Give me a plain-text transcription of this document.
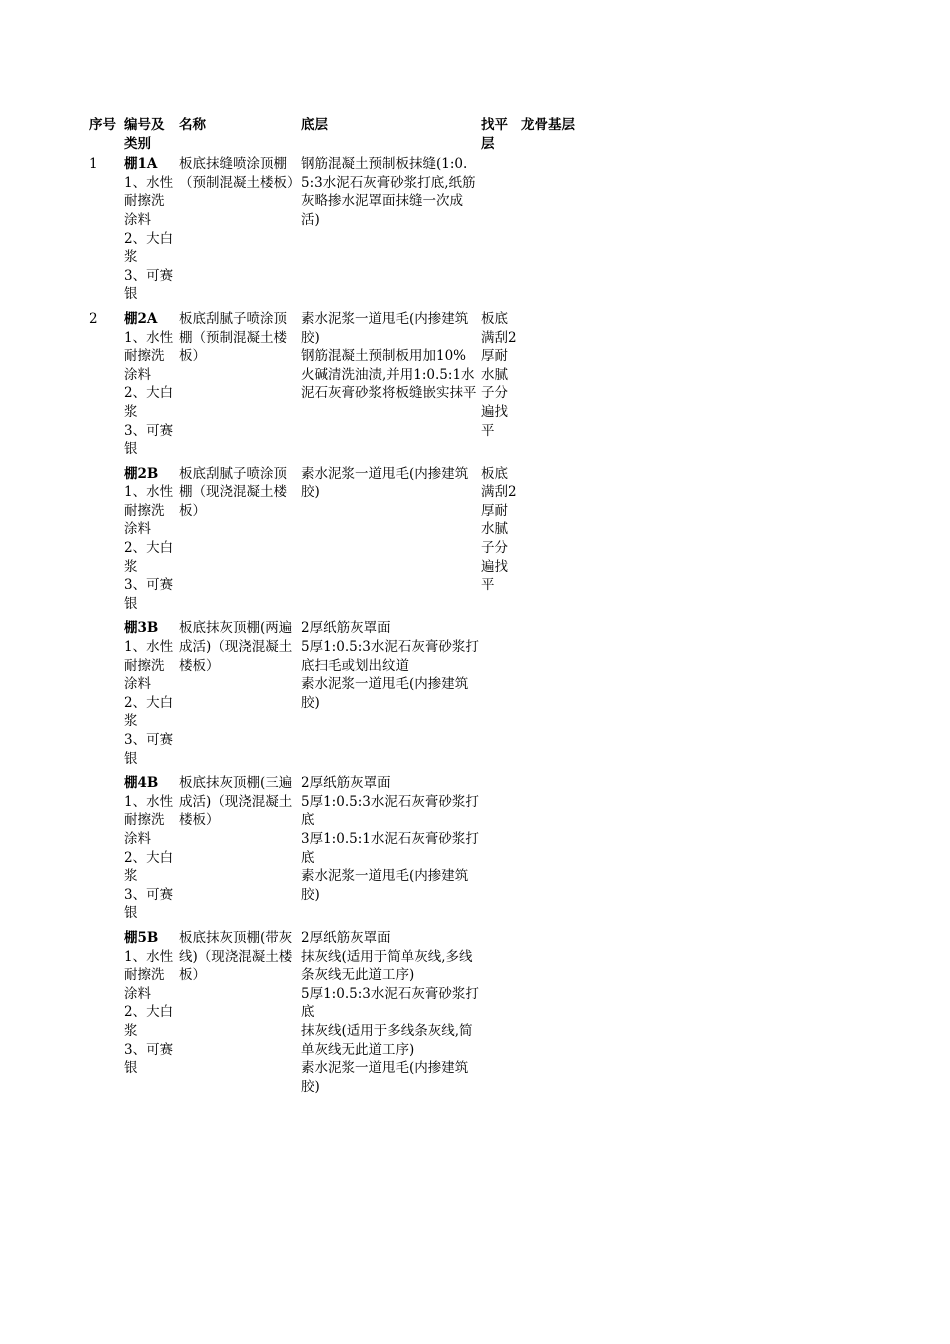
序号	编号及类别	名称	底层	找平层	龙骨基层
1	棚1A
1、水性耐擦洗涂料
2、大白浆
3、可赛银	板底抹缝喷涂顶棚（预制混凝土楼板）	钢筋混凝土预制板抹缝(1:0.5:3水泥石灰膏砂浆打底,纸筋灰略掺水泥罩面抹缝一次成活)		

2	棚2A
1、水性耐擦洗涂料
2、大白浆
3、可赛银	板底刮腻子喷涂顶棚（预制混凝土楼板）	素水泥浆一道甩毛(内掺建筑胶)
钢筋混凝土预制板用加10%火碱清洗油渍,并用1:0.5:1水泥石灰膏砂浆将板缝嵌实抹平	板底满刮2厚耐水腻子分遍找平	

	棚2B
1、水性耐擦洗涂料
2、大白浆
3、可赛银	板底刮腻子喷涂顶棚（现浇混凝土楼板）	素水泥浆一道甩毛(内掺建筑胶)	板底满刮2厚耐水腻子分遍找平	

	棚3B
1、水性耐擦洗涂料
2、大白浆
3、可赛银	板底抹灰顶棚(两遍成活)（现浇混凝土楼板）	2厚纸筋灰罩面
5厚1:0.5:3水泥石灰膏砂浆打底扫毛或划出纹道
素水泥浆一道甩毛(内掺建筑胶)		

	棚4B
1、水性耐擦洗涂料
2、大白浆
3、可赛银	板底抹灰顶棚(三遍成活)（现浇混凝土楼板）	2厚纸筋灰罩面
5厚1:0.5:3水泥石灰膏砂浆打底
3厚1:0.5:1水泥石灰膏砂浆打底
素水泥浆一道甩毛(内掺建筑胶)		

	棚5B
1、水性耐擦洗涂料
2、大白浆
3、可赛银	板底抹灰顶棚(带灰线)（现浇混凝土楼板）	2厚纸筋灰罩面
抹灰线(适用于简单灰线,多线条灰线无此道工序)
5厚1:0.5:3水泥石灰膏砂浆打底
抹灰线(适用于多线条灰线,简单灰线无此道工序)
素水泥浆一道甩毛(内掺建筑胶)		
